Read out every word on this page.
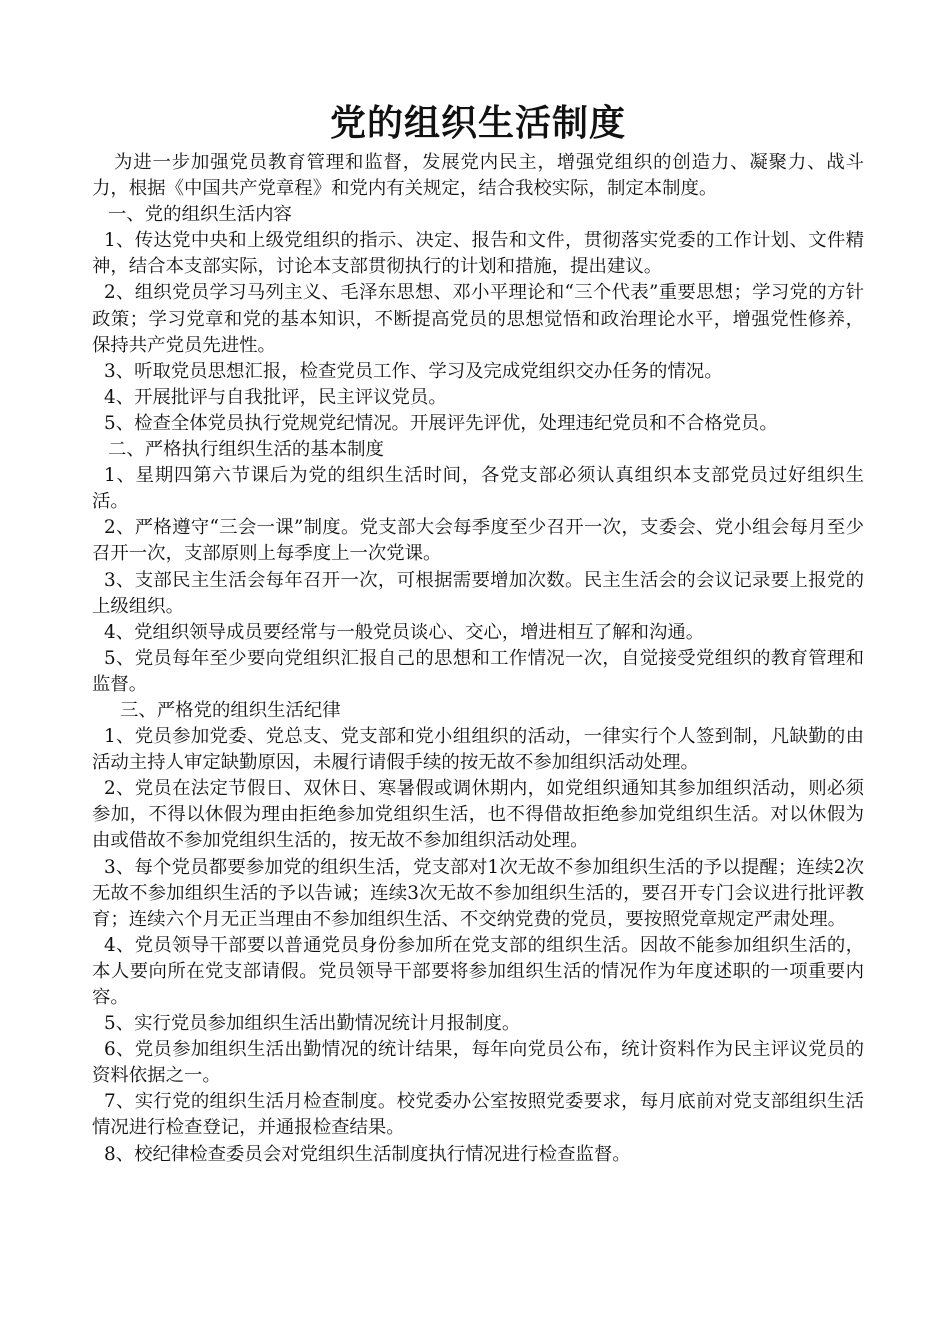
党的组织生活制度

为进一步加强党员教育管理和监督，发展党内民主，增强党组织的创造力、凝聚力、战斗力，根据《中国共产党章程》和党内有关规定，结合我校实际，制定本制度。

一、党的组织生活内容

1、传达党中央和上级党组织的指示、决定、报告和文件，贯彻落实党委的工作计划、文件精神，结合本支部实际，讨论本支部贯彻执行的计划和措施，提出建议。

2、组织党员学习马列主义、毛泽东思想、邓小平理论和“三个代表”重要思想；学习党的方针政策；学习党章和党的基本知识，不断提高党员的思想觉悟和政治理论水平，增强党性修养，保持共产党员先进性。

3、听取党员思想汇报，检查党员工作、学习及完成党组织交办任务的情况。

4、开展批评与自我批评，民主评议党员。

5、检查全体党员执行党规党纪情况。开展评先评优，处理违纪党员和不合格党员。

二、严格执行组织生活的基本制度

1、星期四第六节课后为党的组织生活时间，各党支部必须认真组织本支部党员过好组织生活。

2、严格遵守“三会一课”制度。党支部大会每季度至少召开一次，支委会、党小组会每月至少召开一次，支部原则上每季度上一次党课。

3、支部民主生活会每年召开一次，可根据需要增加次数。民主生活会的会议记录要上报党的上级组织。

4、党组织领导成员要经常与一般党员谈心、交心，增进相互了解和沟通。

5、党员每年至少要向党组织汇报自己的思想和工作情况一次，自觉接受党组织的教育管理和监督。

三、严格党的组织生活纪律

1、党员参加党委、党总支、党支部和党小组组织的活动，一律实行个人签到制，凡缺勤的由活动主持人审定缺勤原因，未履行请假手续的按无故不参加组织活动处理。

2、党员在法定节假日、双休日、寒暑假或调休期内，如党组织通知其参加组织活动，则必须参加，不得以休假为理由拒绝参加党组织生活，也不得借故拒绝参加党组织生活。对以休假为由或借故不参加党组织生活的，按无故不参加组织活动处理。

3、每个党员都要参加党的组织生活，党支部对1次无故不参加组织生活的予以提醒；连续2次无故不参加组织生活的予以告诫；连续3次无故不参加组织生活的，要召开专门会议进行批评教育；连续六个月无正当理由不参加组织生活、不交纳党费的党员，要按照党章规定严肃处理。

4、党员领导干部要以普通党员身份参加所在党支部的组织生活。因故不能参加组织生活的，本人要向所在党支部请假。党员领导干部要将参加组织生活的情况作为年度述职的一项重要内容。

5、实行党员参加组织生活出勤情况统计月报制度。

6、党员参加组织生活出勤情况的统计结果，每年向党员公布，统计资料作为民主评议党员的资料依据之一。

7、实行党的组织生活月检查制度。校党委办公室按照党委要求，每月底前对党支部组织生活情况进行检查登记，并通报检查结果。

8、校纪律检查委员会对党组织生活制度执行情况进行检查监督。
